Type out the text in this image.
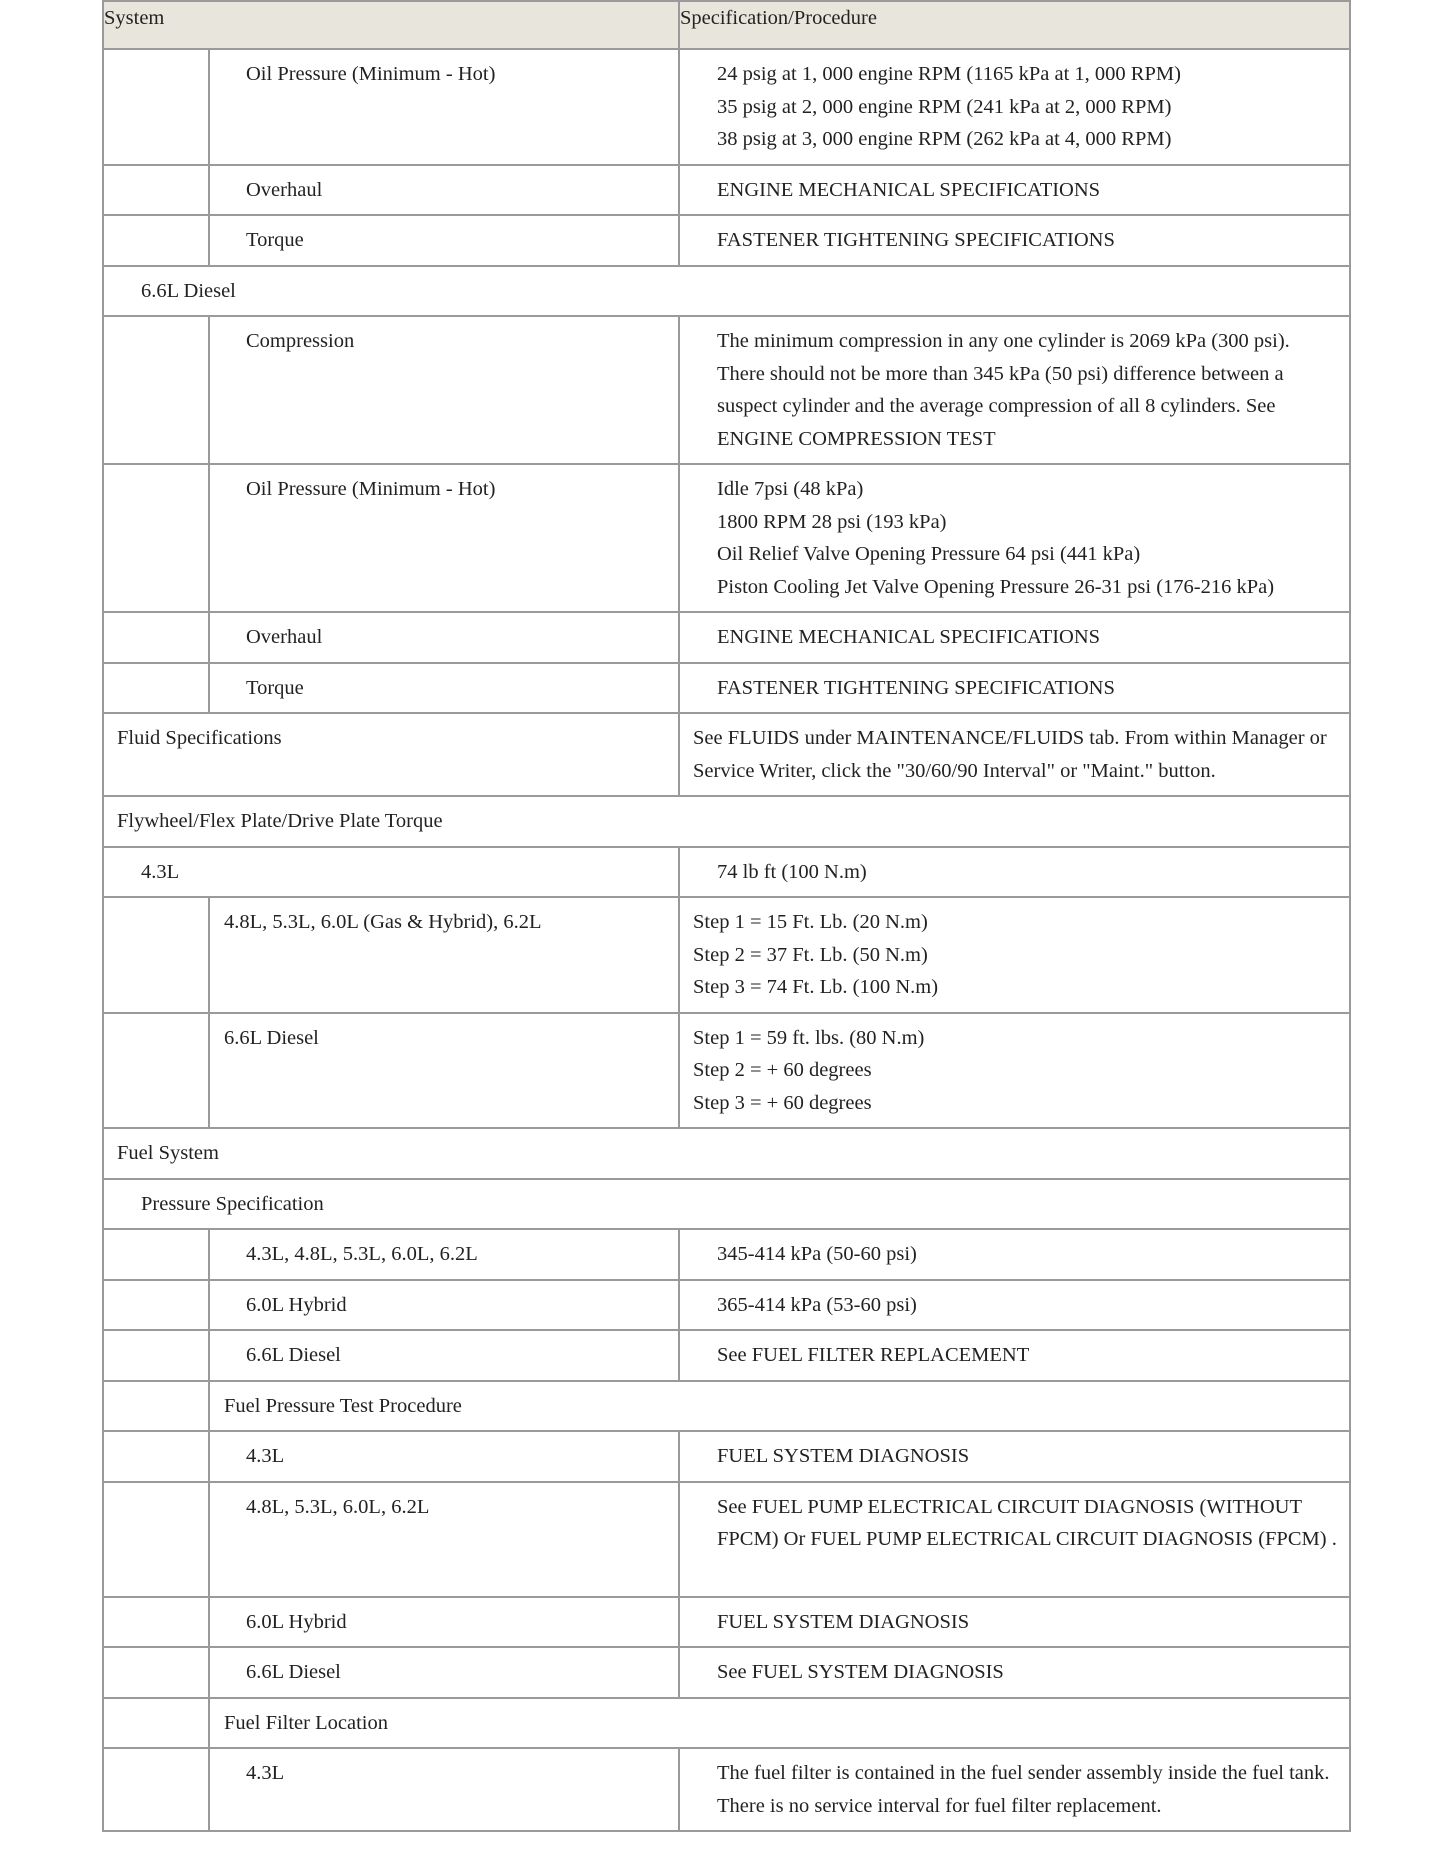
System		Specification/Procedure

	Oil Pressure (Minimum - Hot)	24 psig at 1, 000 engine RPM (1165 kPa at 1, 000 RPM)
35 psig at 2, 000 engine RPM (241 kPa at 2, 000 RPM)
38 psig at 3, 000 engine RPM (262 kPa at 4, 000 RPM)

	Overhaul	ENGINE MECHANICAL SPECIFICATIONS

	Torque	FASTENER TIGHTENING SPECIFICATIONS

6.6L Diesel		

	Compression	The minimum compression in any one cylinder is 2069 kPa (300 psi). There should not be more than 345 kPa (50 psi) difference between a suspect cylinder and the average compression of all 8 cylinders. See ENGINE COMPRESSION TEST

	Oil Pressure (Minimum - Hot)	Idle 7psi (48 kPa)
1800 RPM 28 psi (193 kPa)
Oil Relief Valve Opening Pressure 64 psi (441 kPa)
Piston Cooling Jet Valve Opening Pressure 26-31 psi (176-216 kPa)

	Overhaul	ENGINE MECHANICAL SPECIFICATIONS

	Torque	FASTENER TIGHTENING SPECIFICATIONS

Fluid Specifications		See FLUIDS under MAINTENANCE/FLUIDS tab. From within Manager or Service Writer, click the "30/60/90 Interval" or "Maint." button.

Flywheel/Flex Plate/Drive Plate Torque		

4.3L		74 lb ft (100 N.m)

	4.8L, 5.3L, 6.0L (Gas & Hybrid), 6.2L	Step 1 = 15 Ft. Lb. (20 N.m)
Step 2 = 37 Ft. Lb. (50 N.m)
Step 3 = 74 Ft. Lb. (100 N.m)

	6.6L Diesel	Step 1 = 59 ft. lbs. (80 N.m)
Step 2 = + 60 degrees
Step 3 = + 60 degrees

Fuel System		

Pressure Specification		

	4.3L, 4.8L, 5.3L, 6.0L, 6.2L	345-414 kPa (50-60 psi)

	6.0L Hybrid	365-414 kPa (53-60 psi)

	6.6L Diesel	See FUEL FILTER REPLACEMENT

	Fuel Pressure Test Procedure	

	4.3L	FUEL SYSTEM DIAGNOSIS

	4.8L, 5.3L, 6.0L, 6.2L	See FUEL PUMP ELECTRICAL CIRCUIT DIAGNOSIS (WITHOUT FPCM) Or FUEL PUMP ELECTRICAL CIRCUIT DIAGNOSIS (FPCM) .

	6.0L Hybrid	FUEL SYSTEM DIAGNOSIS

	6.6L Diesel	See FUEL SYSTEM DIAGNOSIS

	Fuel Filter Location	

	4.3L	The fuel filter is contained in the fuel sender assembly inside the fuel tank. There is no service interval for fuel filter replacement.
